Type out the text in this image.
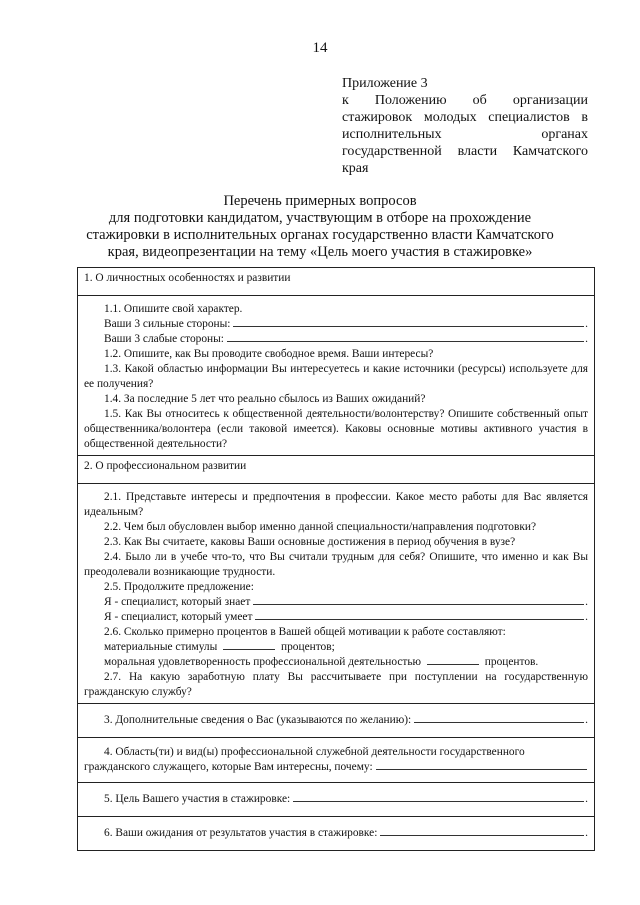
14
Приложение 3
к Положению об организации
стажировок молодых специалистов в
исполнительных органах
государственной власти Камчатского
края
Перечень примерных вопросов
для подготовки кандидатом, участвующим в отборе на прохождение
стажировки в исполнительных органах государственно власти Камчатского
края, видеопрезентации на тему «Цель моего участия в стажировке»
1. О личностных особенностях и развитии

1.1. Опишите свой характер.

Ваши 3 сильные стороны:	.
Ваши 3 слабые стороны:	.

1.2. Опишите, как Вы проводите свободное время. Ваши интересы?

1.3. Какой областью информации Вы интересуетесь и какие источники (ресурсы) используете для ее получения?

1.4. За последние 5 лет что реально сбылось из Ваших ожиданий?

1.5. Как Вы относитесь к общественной деятельности/волонтерству? Опишите собственный опыт общественника/волонтера (если таковой имеется). Каковы основные мотивы активного участия в общественной деятельности?

2. О профессиональном развитии

2.1. Представьте интересы и предпочтения в профессии. Какое место работы для Вас является идеальным?

2.2. Чем был обусловлен выбор именно данной специальности/направления подготовки?

2.3. Как Вы считаете, каковы Ваши основные достижения в период обучения в вузе?

2.4. Было ли в учебе что-то, что Вы считали трудным для себя? Опишите, что именно и как Вы преодолевали возникающие трудности.

2.5. Продолжите предложение:

Я - специалист, который знает	.
Я - специалист, который умеет	.

2.6. Сколько примерно процентов в Вашей общей мотивации к работе составляют:

материальные стимулы	процентов;

моральная удовлетворенность профессиональной деятельностью	процентов.

2.7. На какую заработную плату Вы рассчитываете при поступлении на государственную гражданскую службу?

3. Дополнительные сведения о Вас (указываются по желанию):	.

4. Область(ти) и вид(ы) профессиональной служебной деятельности государственного

гражданского служащего, которые Вам интересны, почему:

5. Цель Вашего участия в стажировке:	.

6. Ваши ожидания от результатов участия в стажировке:	.
